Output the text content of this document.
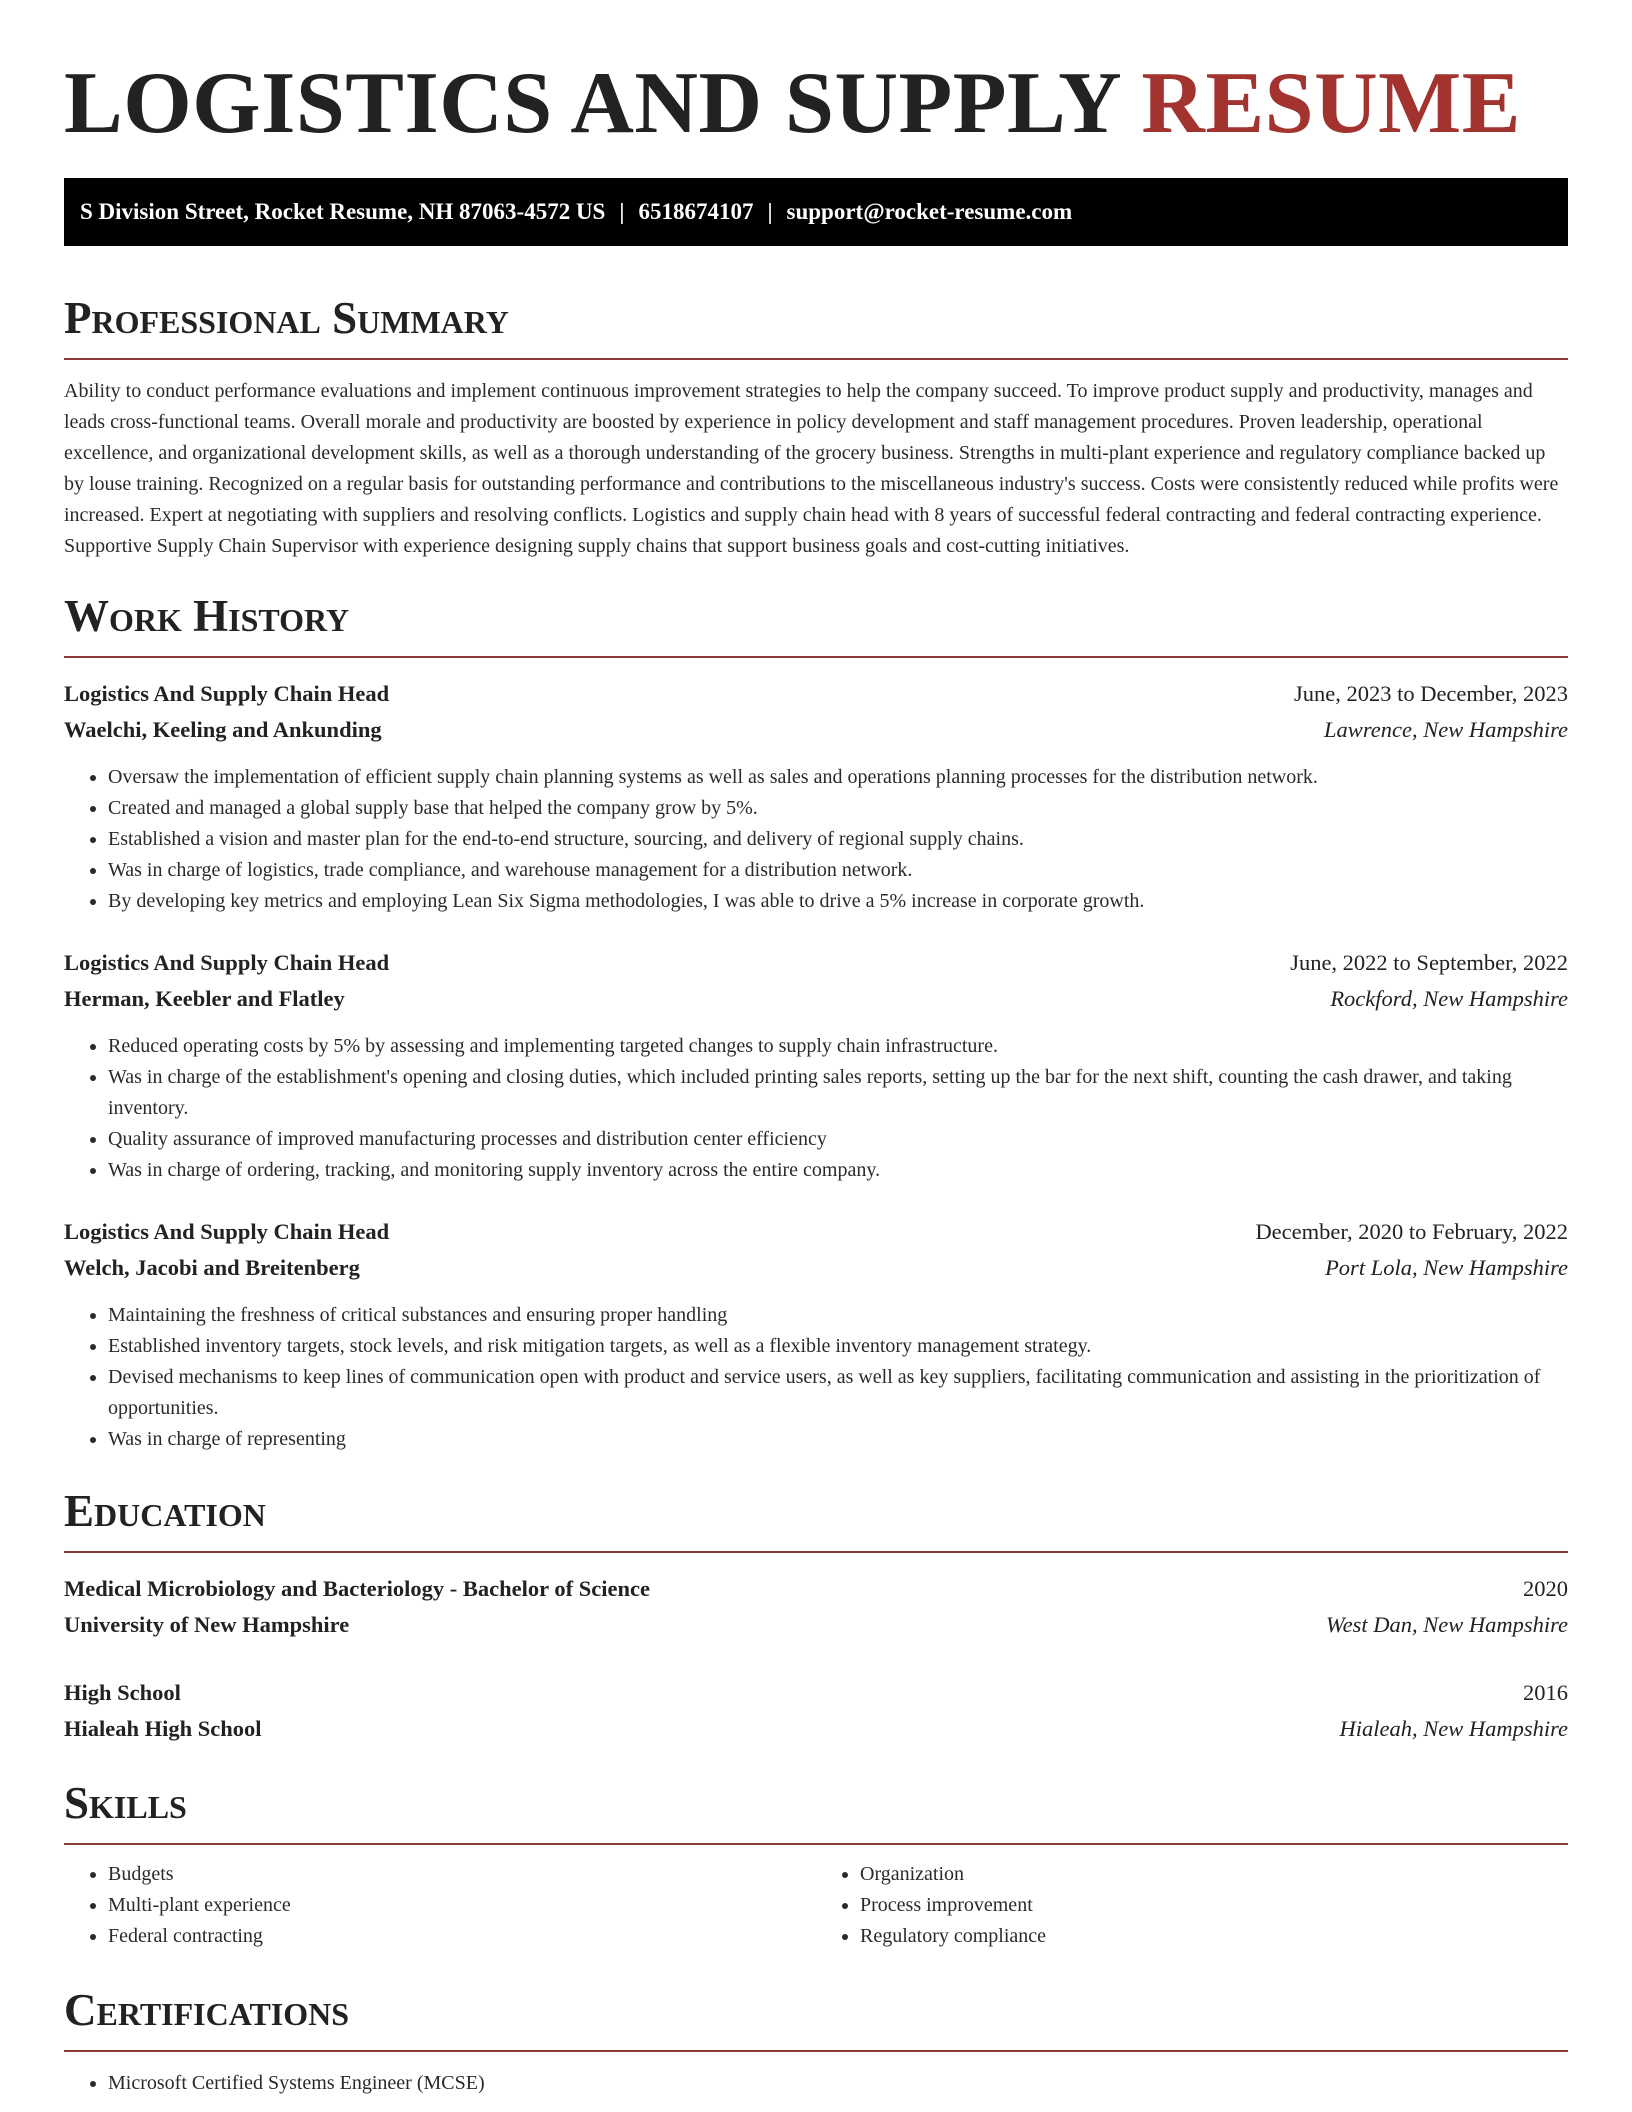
LOGISTICS AND SUPPLY RESUME
S Division Street, Rocket Resume, NH 87063-4572 US | 6518674107 | support@rocket-resume.com
Professional Summary

Ability to conduct performance evaluations and implement continuous improvement strategies to help the company succeed. To improve product supply and productivity, manages and leads cross-functional teams. Overall morale and productivity are boosted by experience in policy development and staff management procedures. Proven leadership, operational excellence, and organizational development skills, as well as a thorough understanding of the grocery business. Strengths in multi-plant experience and regulatory compliance backed up by louse training. Recognized on a regular basis for outstanding performance and contributions to the miscellaneous industry's success. Costs were consistently reduced while profits were increased. Expert at negotiating with suppliers and resolving conflicts. Logistics and supply chain head with 8 years of successful federal contracting and federal contracting experience. Supportive Supply Chain Supervisor with experience designing supply chains that support business goals and cost-cutting initiatives.

Work History
Logistics And Supply Chain Head	June, 2023 to December, 2023
Waelchi, Keeling and Ankunding	Lawrence, New Hampshire
• Oversaw the implementation of efficient supply chain planning systems as well as sales and operations planning processes for the distribution network.
• Created and managed a global supply base that helped the company grow by 5%.
• Established a vision and master plan for the end-to-end structure, sourcing, and delivery of regional supply chains.
• Was in charge of logistics, trade compliance, and warehouse management for a distribution network.
• By developing key metrics and employing Lean Six Sigma methodologies, I was able to drive a 5% increase in corporate growth.
Logistics And Supply Chain Head	June, 2022 to September, 2022
Herman, Keebler and Flatley	Rockford, New Hampshire
• Reduced operating costs by 5% by assessing and implementing targeted changes to supply chain infrastructure.
• Was in charge of the establishment's opening and closing duties, which included printing sales reports, setting up the bar for the next shift, counting the cash drawer, and taking inventory.
• Quality assurance of improved manufacturing processes and distribution center efficiency
• Was in charge of ordering, tracking, and monitoring supply inventory across the entire company.
Logistics And Supply Chain Head	December, 2020 to February, 2022
Welch, Jacobi and Breitenberg	Port Lola, New Hampshire
• Maintaining the freshness of critical substances and ensuring proper handling
• Established inventory targets, stock levels, and risk mitigation targets, as well as a flexible inventory management strategy.
• Devised mechanisms to keep lines of communication open with product and service users, as well as key suppliers, facilitating communication and assisting in the prioritization of opportunities.
• Was in charge of representing
Education
Medical Microbiology and Bacteriology - Bachelor of Science	2020
University of New Hampshire	West Dan, New Hampshire
High School	2016
Hialeah High School	Hialeah, New Hampshire
Skills
• Budgets
• Multi-plant experience
• Federal contracting
• Organization
• Process improvement
• Regulatory compliance
Certifications
• Microsoft Certified Systems Engineer (MCSE)
